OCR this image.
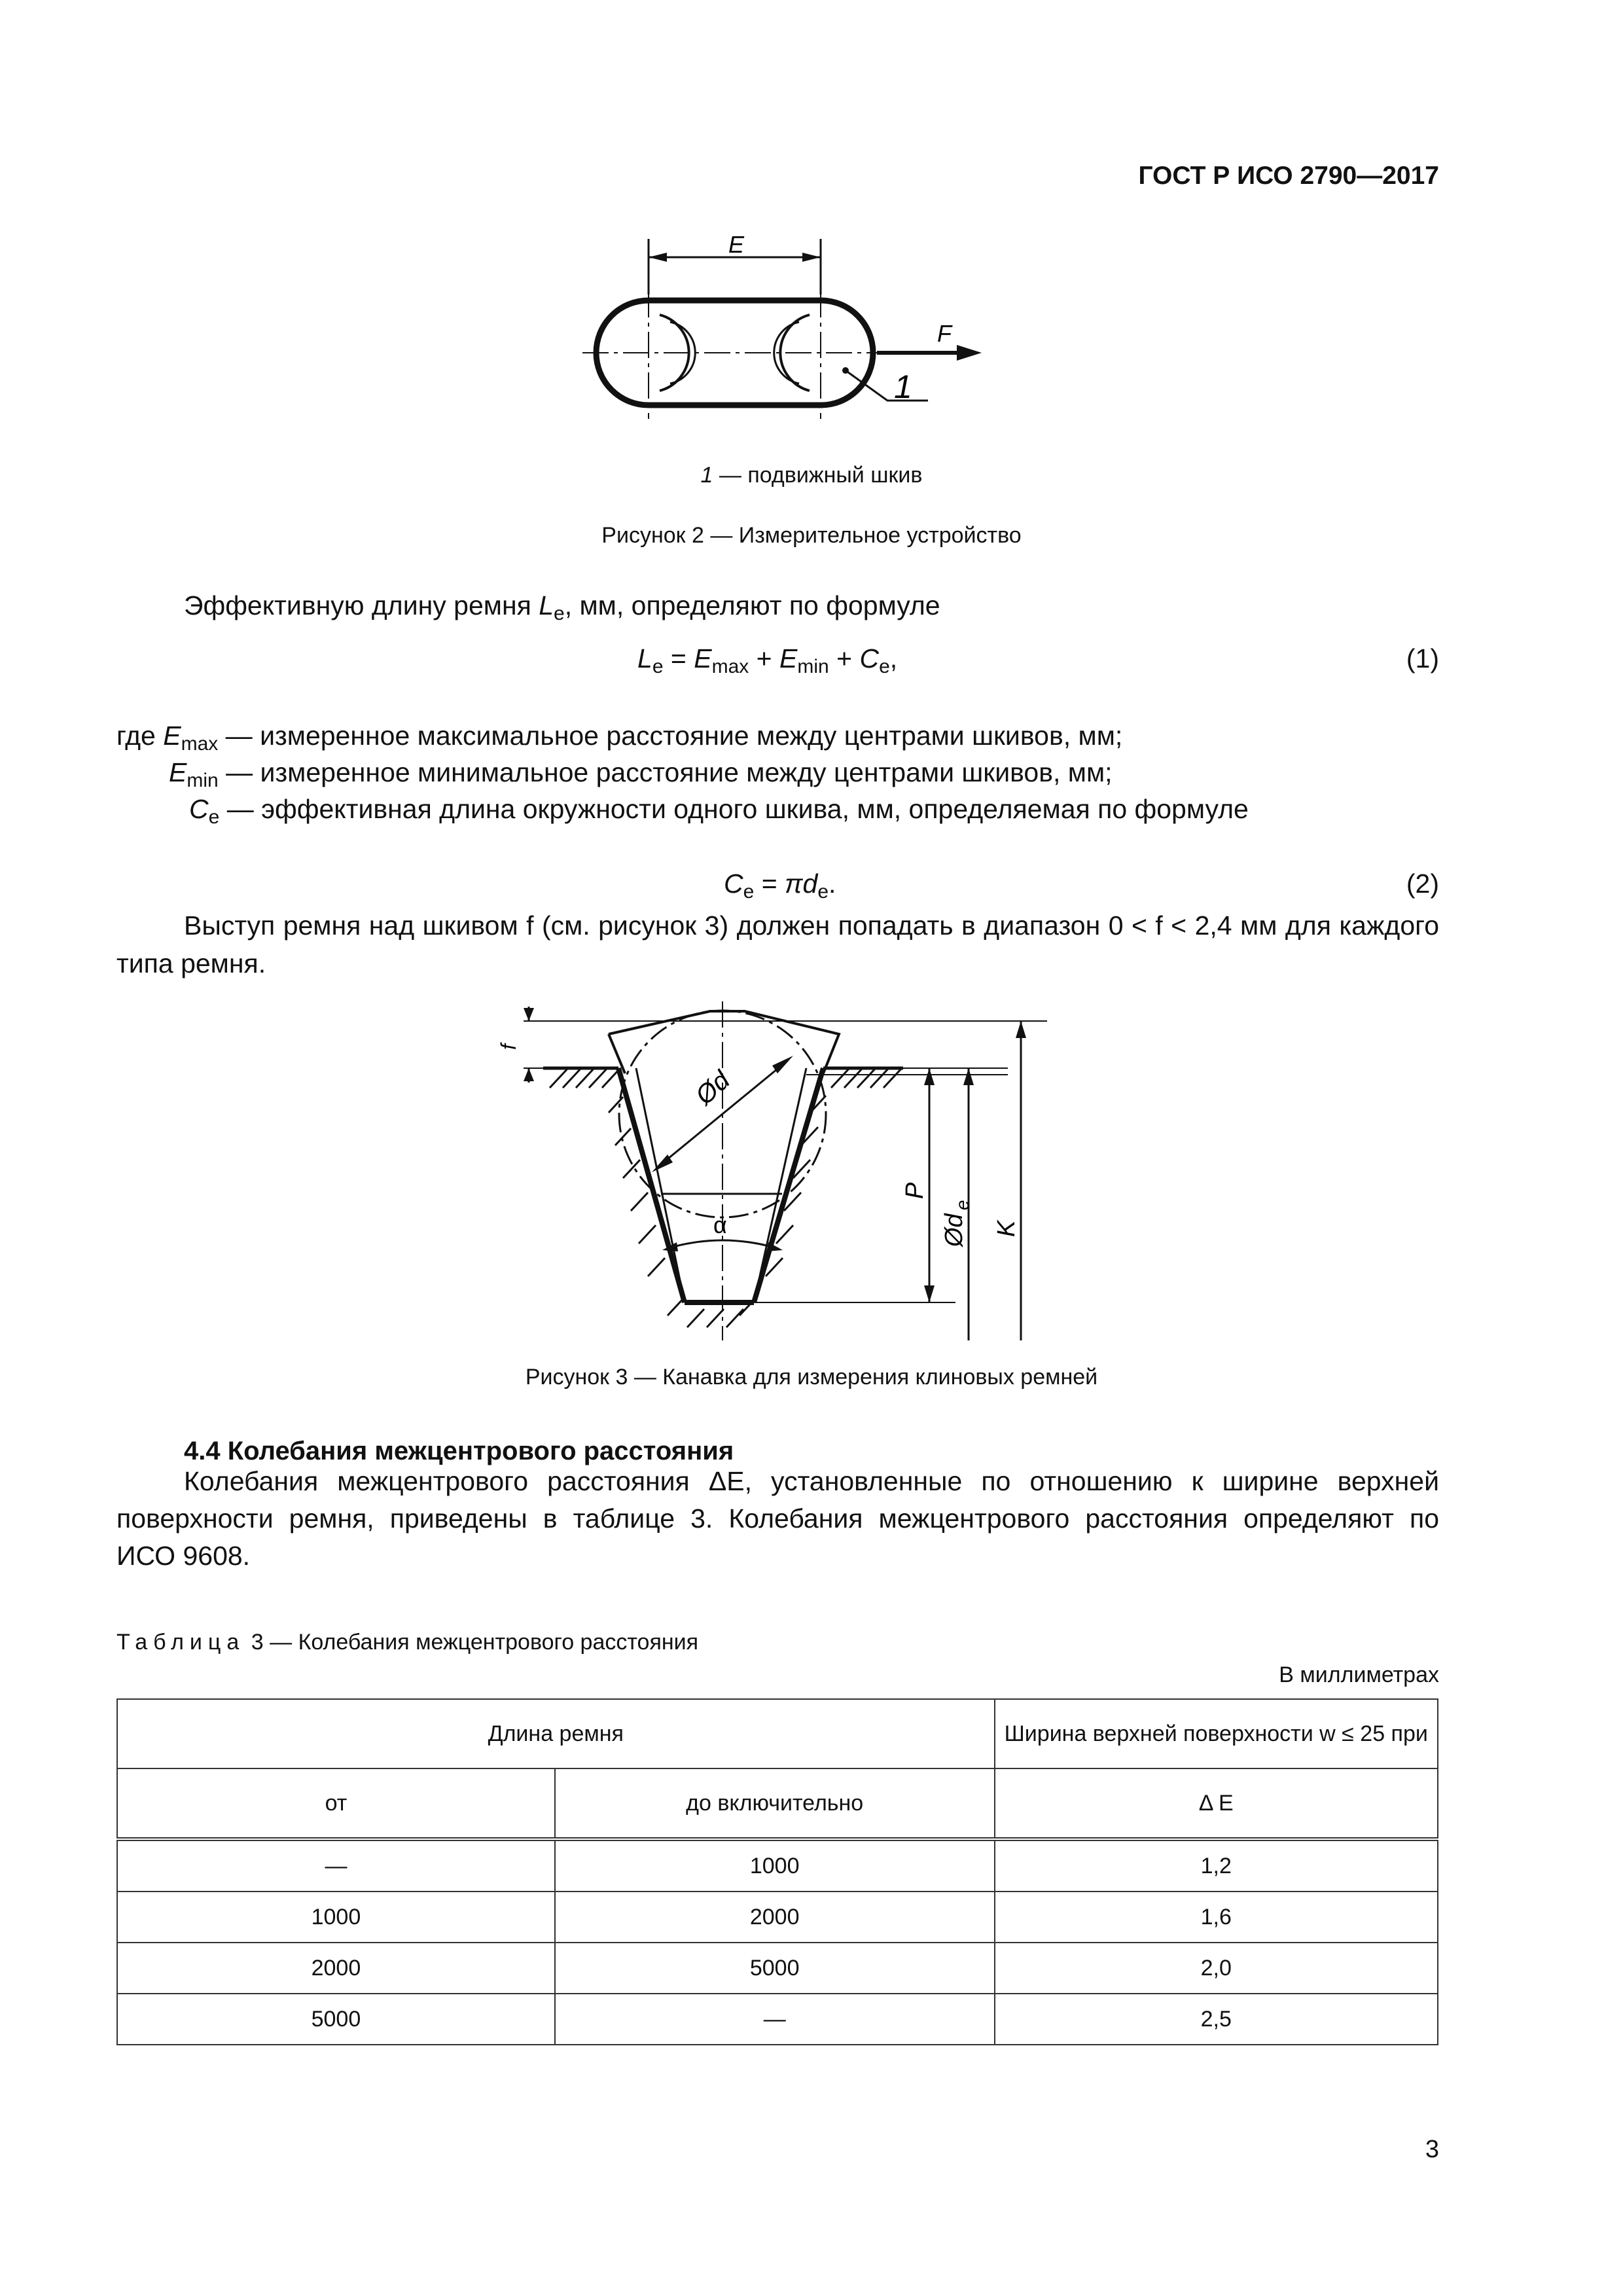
ГОСТ Р ИСО 2790—2017
E
F
1
1 — подвижный шкив
Рисунок 2 — Измерительное устройство
Эффективную длину ремня $L_e$, мм, определяют по формуле
$L_e = E_{max} + E_{min} + C_e$,	(1)
где $E_{max}$ — измеренное максимальное расстояние между центрами шкивов, мм;
$E_{min}$ — измеренное минимальное расстояние между центрами шкивов, мм;
$C_e$ — эффективная длина окружности одного шкива, мм, определяемая по формуле
$C_e = \pi d_e$.	(2)
Выступ ремня над шкивом f (см. рисунок 3) должен попадать в диапазон 0 < f < 2,4 мм для каждого
типа ремня.
f
Ød
α
P
Ød
e
K
Рисунок 3 — Канавка для измерения клиновых ремней
4.4 Колебания межцентрового расстояния
Колебания межцентрового расстояния ΔE, установленные по отношению к ширине верхней
поверхности ремня, приведены в таблице 3. Колебания межцентрового расстояния определяют по
ИСО 9608.
Таблица 3 — Колебания межцентрового расстояния
В миллиметрах
Длина ремня		Ширина верхней поверхности w ≤ 25 при
от	до включительно	Δ E
—	1000	1,2
1000	2000	1,6
2000	5000	2,0
5000	—	2,5
3
